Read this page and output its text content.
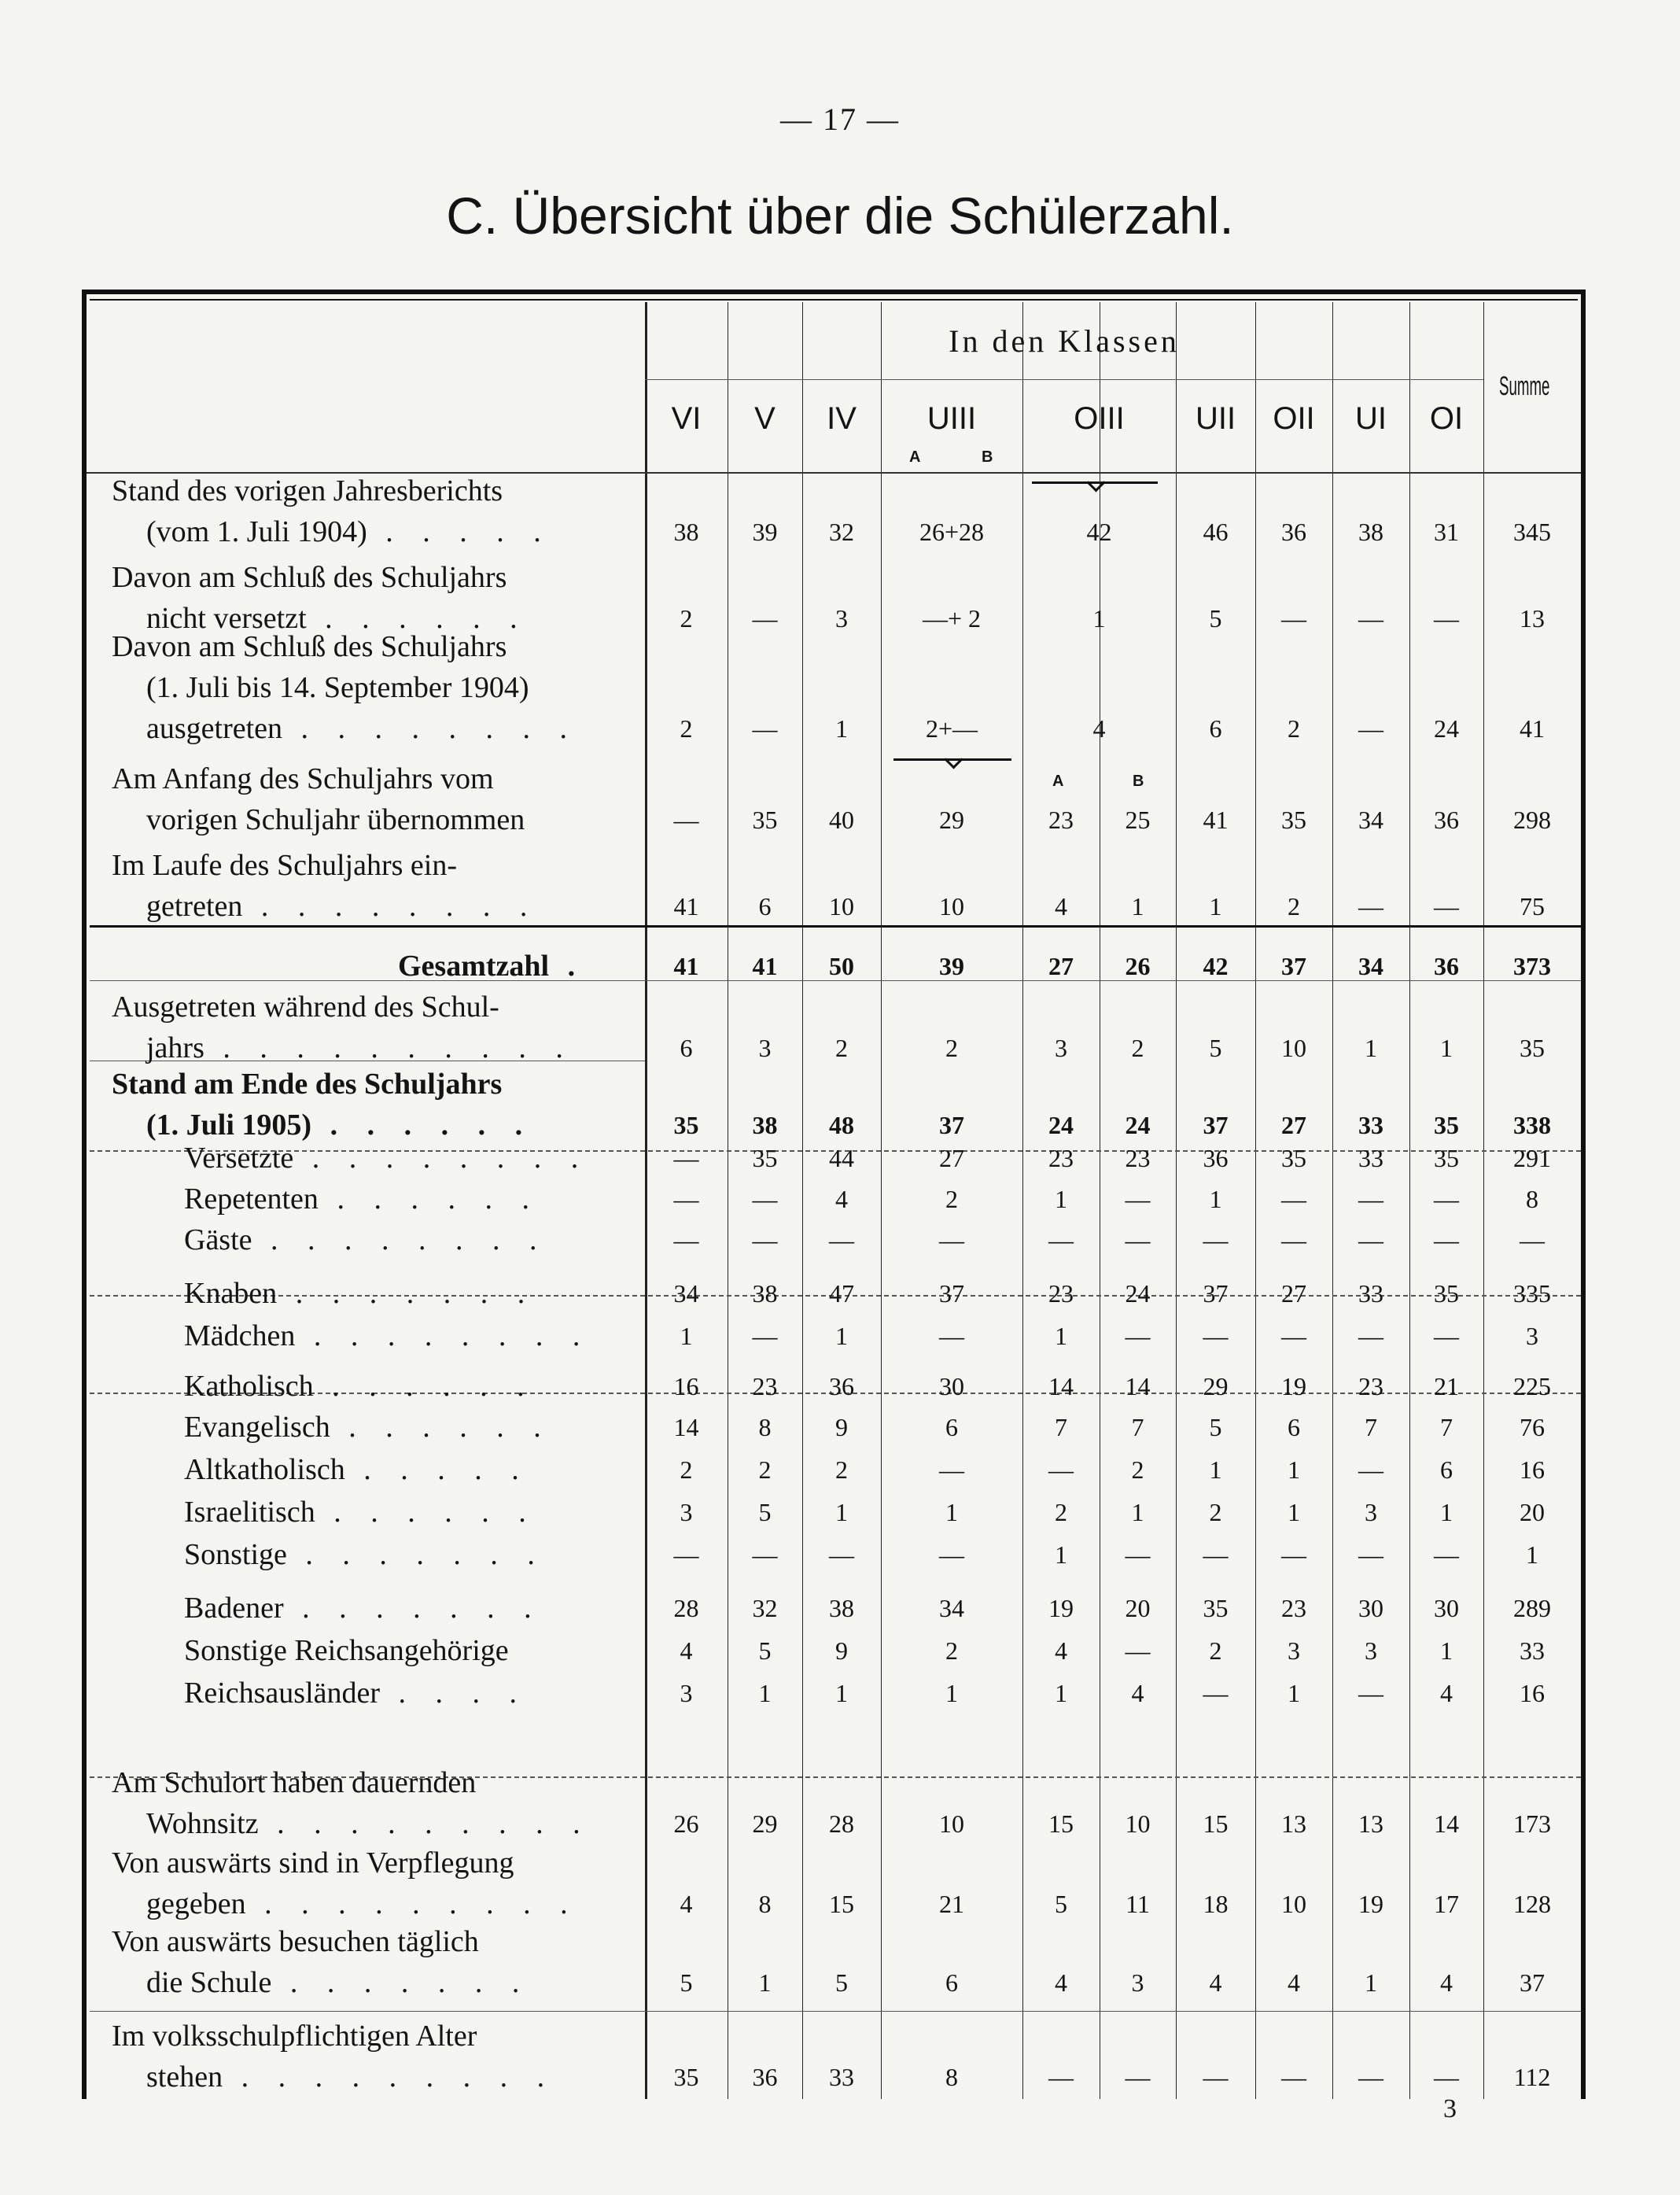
— 17 —
C. Übersicht über die Schülerzahl.
In den Klassen
Summe
VI	V	IV	UIII	OIII	UII	OII	UI	OI
A	B
A	B
Stand des vorigen Jahresberichts
(vom 1. Juli 1904) . . . . .	38	39	32	26+28	42	46	36	38	31	345
Davon am Schluß des Schuljahrs
nicht versetzt . . . . . .	2	—	3	—+ 2	1	5	—	—	—	13
Davon am Schluß des Schuljahrs
(1. Juli bis 14. September 1904)
ausgetreten . . . . . . . .	2	—	1	2+—	4	6	2	—	24	41
Am Anfang des Schuljahrs vom
vorigen Schuljahr übernommen	—	35	40	29	23	25	41	35	34	36	298
Im Laufe des Schuljahrs ein-
getreten . . . . . . . .	41	6	10	10	4	1	1	2	—	—	75
Gesamtzahl .	41	41	50	39	27	26	42	37	34	36	373
Ausgetreten während des Schul-
jahrs . . . . . . . . . .	6	3	2	2	3	2	5	10	1	1	35
Stand am Ende des Schuljahrs
(1. Juli 1905) . . . . . .	35	38	48	37	24	24	37	27	33	35	338
Versetzte . . . . . . . .	—	35	44	27	23	23	36	35	33	35	291
Repetenten . . . . . .	—	—	4	2	1	—	1	—	—	—	8
Gäste . . . . . . . .	—	—	—	—	—	—	—	—	—	—	—
Knaben . . . . . . .	34	38	47	37	23	24	37	27	33	35	335
Mädchen . . . . . . . .	1	—	1	—	1	—	—	—	—	—	3
Katholisch . . . . . .	16	23	36	30	14	14	29	19	23	21	225
Evangelisch . . . . . .	14	8	9	6	7	7	5	6	7	7	76
Altkatholisch . . . . .	2	2	2	—	—	2	1	1	—	6	16
Israelitisch . . . . . .	3	5	1	1	2	1	2	1	3	1	20
Sonstige . . . . . . .	—	—	—	—	1	—	—	—	—	—	1
Badener . . . . . . .	28	32	38	34	19	20	35	23	30	30	289
Sonstige Reichsangehörige	4	5	9	2	4	—	2	3	3	1	33
Reichsausländer . . . .	3	1	1	1	1	4	—	1	—	4	16
Am Schulort haben dauernden
Wohnsitz . . . . . . . . .	26	29	28	10	15	10	15	13	13	14	173
Von auswärts sind in Verpflegung
gegeben . . . . . . . . .	4	8	15	21	5	11	18	10	19	17	128
Von auswärts besuchen täglich
die Schule . . . . . . .	5	1	5	6	4	3	4	4	1	4	37
Im volksschulpflichtigen Alter
stehen . . . . . . . . .	35	36	33	8	—	—	—	—	—	—	112
3
